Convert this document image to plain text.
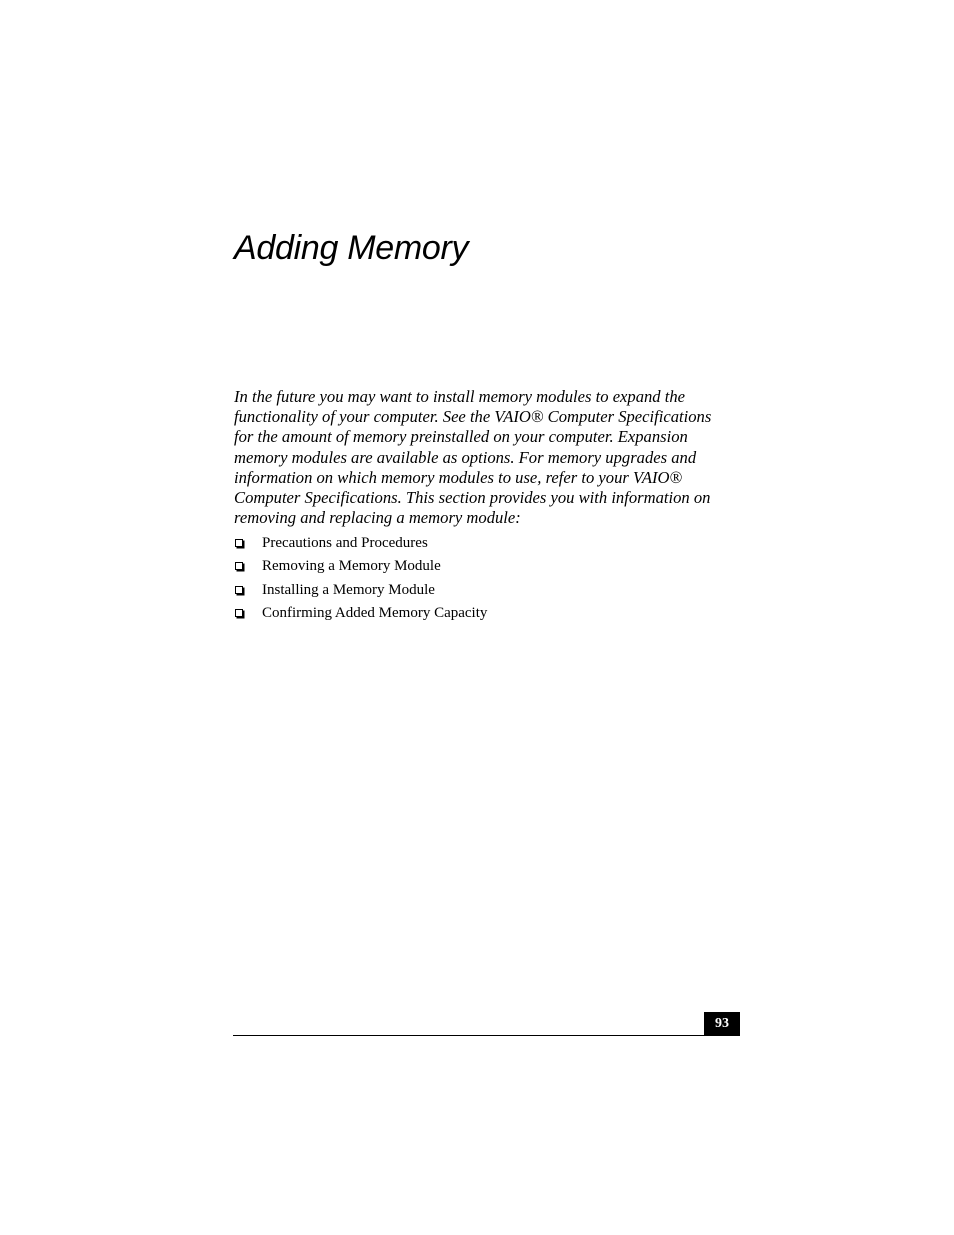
Adding Memory

In the future you may want to install memory modules to expand the functionality of your computer. See the VAIO® Computer Specifications for the amount of memory preinstalled on your computer. Expansion memory modules are available as options. For memory upgrades and information on which memory modules to use, refer to your VAIO® Computer Specifications. This section provides you with information on removing and replacing a memory module:

Precautions and Procedures
Removing a Memory Module
Installing a Memory Module
Confirming Added Memory Capacity
93
